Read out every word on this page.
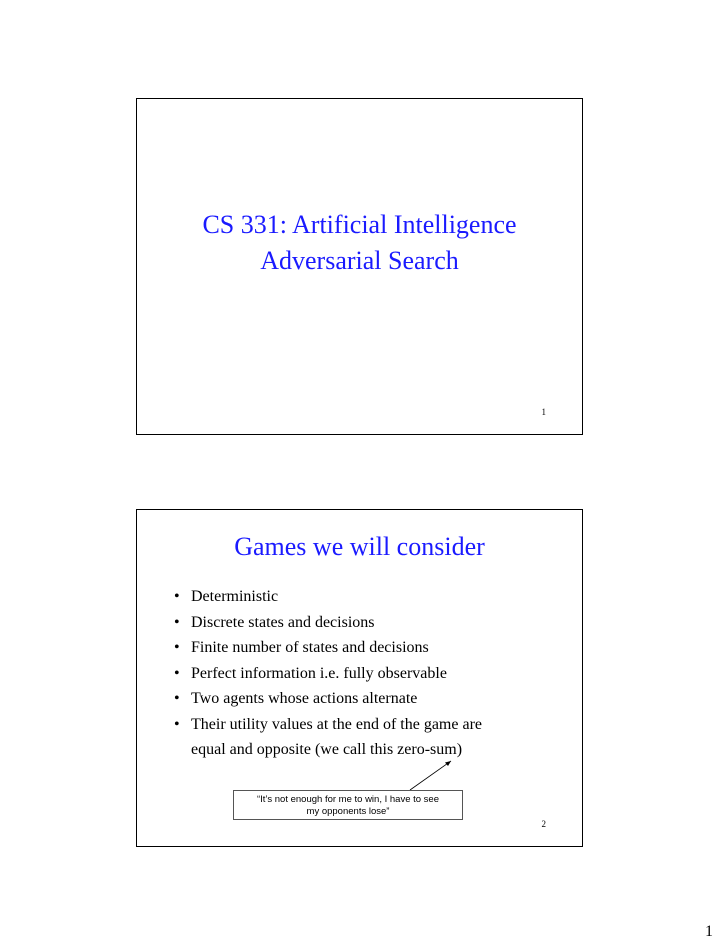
CS 331: Artificial Intelligence
Adversarial Search
1
Games we will consider
• Deterministic
• Discrete states and decisions
• Finite number of states and decisions
• Perfect information i.e. fully observable
• Two agents whose actions alternate
• Their utility values at the end of the game are
equal and opposite (we call this zero-sum)
“It’s not enough for me to win, I have to see
my opponents lose”
2
1
